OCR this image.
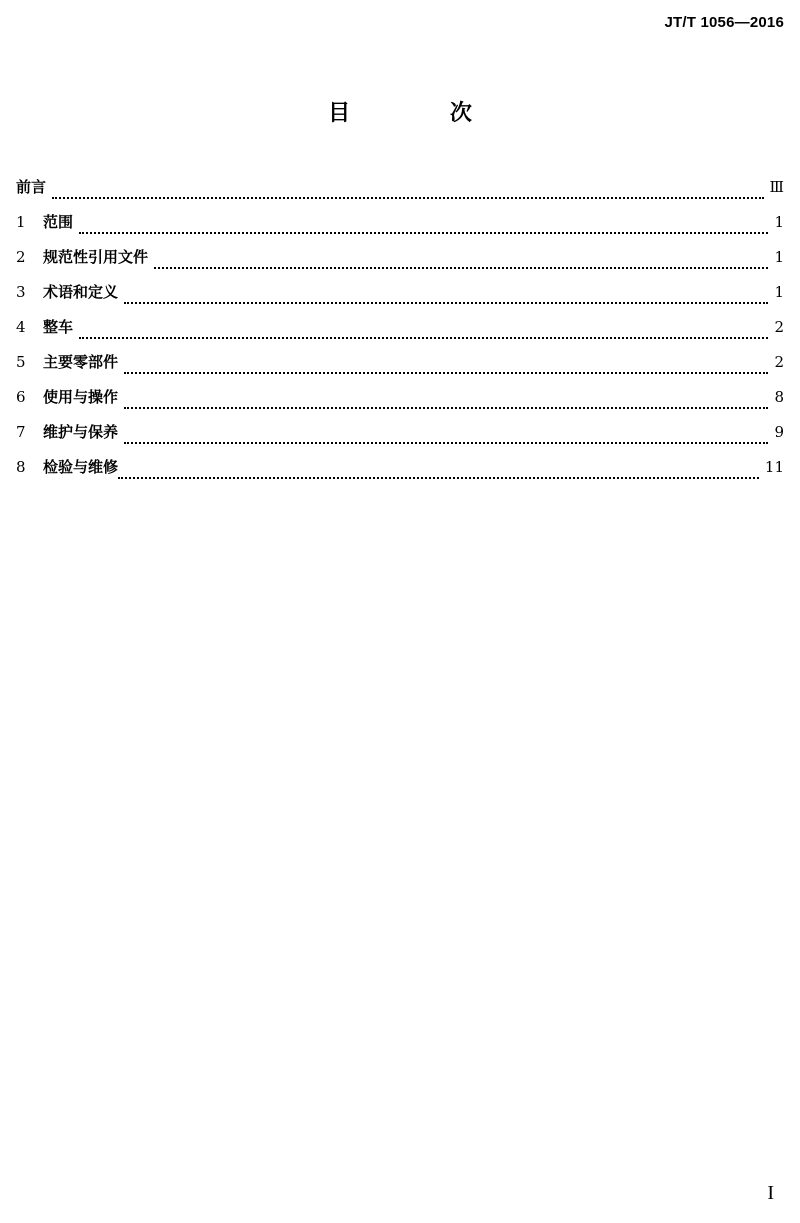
JT/T 1056—2016
目 次
前言	Ⅲ
1	范围	1
2	规范性引用文件	1
3	术语和定义	1
4	整车	2
5	主要零部件	2
6	使用与操作	8
7	维护与保养	9
8	检验与维修	11
I
